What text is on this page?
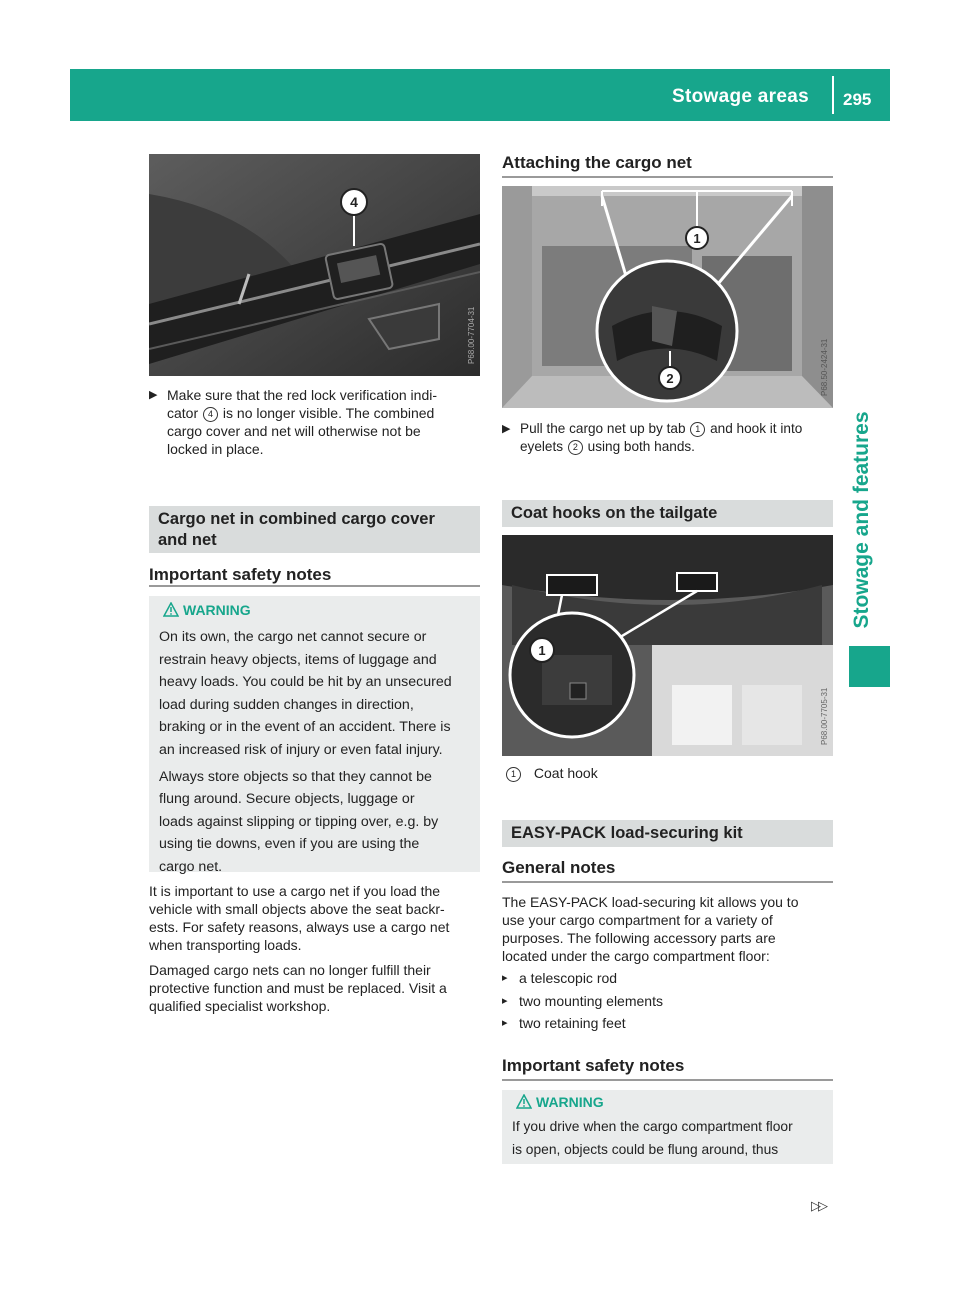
Stowage areas 295
Stowage and features
4
P68.00-7704-31
▶ Make sure that the red lock verification indi-
cator 4 is no longer visible. The combined
cargo cover and net will otherwise not be
locked in place.
Cargo net in combined cargo cover
and net
Important safety notes
WARNING

On its own, the cargo net cannot secure or
restrain heavy objects, items of luggage and
heavy loads. You could be hit by an unsecured
load during sudden changes in direction,
braking or in the event of an accident. There is
an increased risk of injury or even fatal injury.

Always store objects so that they cannot be
flung around. Secure objects, luggage or
loads against slipping or tipping over, e.g. by
using tie downs, even if you are using the
cargo net.

It is important to use a cargo net if you load the
vehicle with small objects above the seat backr-
ests. For safety reasons, always use a cargo net
when transporting loads.

Damaged cargo nets can no longer fulfill their
protective function and must be replaced. Visit a
qualified specialist workshop.

Attaching the cargo net
1
2	P68.50-2424-31
▶ Pull the cargo net up by tab 1 and hook it into
eyelets 2 using both hands.
Coat hooks on the tailgate
1
P68.00-7705-31
1 Coat hook
EASY-PACK load-securing kit
General notes

The EASY-PACK load-securing kit allows you to
use your cargo compartment for a variety of
purposes. The following accessory parts are
located under the cargo compartment floor:

▸ a telescopic rod
▸ two mounting elements
▸ two retaining feet
Important safety notes
WARNING

If you drive when the cargo compartment floor
is open, objects could be flung around, thus

▷▷
